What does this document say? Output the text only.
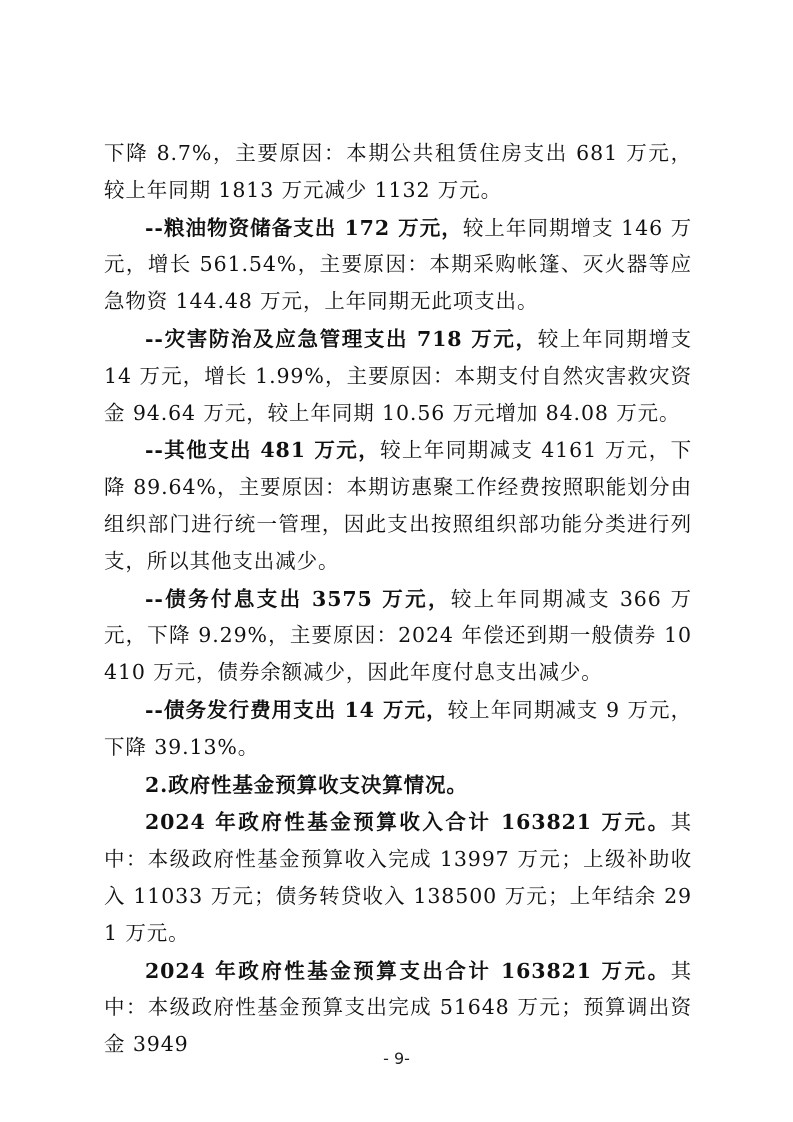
下降 8.7%，主要原因：本期公共租赁住房支出 681 万元，较上年同期 1813 万元减少 1132 万元。

--粮油物资储备支出 172 万元，较上年同期增支 146 万元，增长 561.54%，主要原因：本期采购帐篷、灭火器等应急物资 144.48 万元，上年同期无此项支出。

--灾害防治及应急管理支出 718 万元，较上年同期增支 14 万元，增长 1.99%，主要原因：本期支付自然灾害救灾资金 94.64 万元，较上年同期 10.56 万元增加 84.08 万元。

--其他支出 481 万元，较上年同期减支 4161 万元，下降 89.64%，主要原因：本期访惠聚工作经费按照职能划分由组织部门进行统一管理，因此支出按照组织部功能分类进行列支，所以其他支出减少。

--债务付息支出 3575 万元，较上年同期减支 366 万元，下降 9.29%，主要原因：2024 年偿还到期一般债券 10410 万元，债券余额减少，因此年度付息支出减少。

--债务发行费用支出 14 万元，较上年同期减支 9 万元，下降 39.13%。

2.政府性基金预算收支决算情况。

2024 年政府性基金预算收入合计 163821 万元。其中：本级政府性基金预算收入完成 13997 万元；上级补助收入 11033 万元；债务转贷收入 138500 万元；上年结余 291 万元。

2024 年政府性基金预算支出合计 163821 万元。其中：本级政府性基金预算支出完成 51648 万元；预算调出资金 3949

- 9-
